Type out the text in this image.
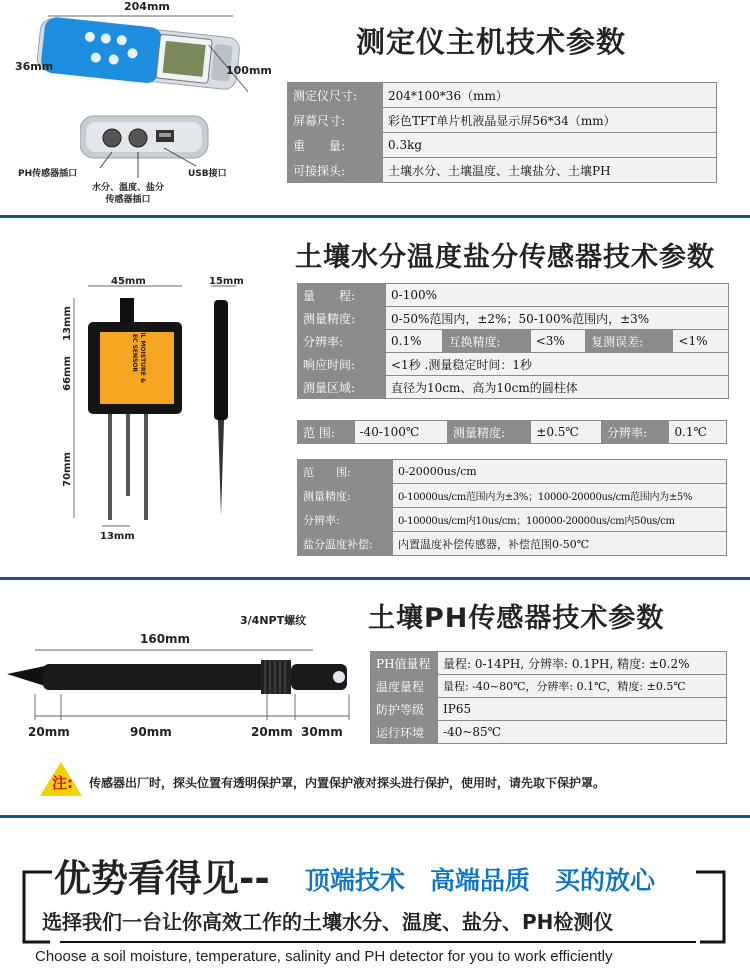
测定仪主机技术参数
204mm
36mm	100mm
PH传感器插口
水分、温度、盐分
传感器插口
USB接口
测定仪尺寸:	204*100*36（mm）
屏幕尺寸:	彩色TFT单片机液晶显示屏56*34（mm）
重　　量:	0.3kg
可接探头:	土壤水分、土壤温度、土壤盐分、土壤PH
土壤水分温度盐分传感器技术参数
SOIL MOISTURE & EC SENSOR
45mm	15mm
13mm
66mm
70mm
13mm
量　　程:	0-100%				
测量精度:	0-50%范围内，±2%；50-100%范围内，±3%				
分辨率:	0.1%	互换精度:	<3%	复测误差:	<1%
响应时间:	<1秒 .测量稳定时间：1秒				
测量区域:	直径为10cm、高为10cm的圆柱体				
范 围:	-40-100℃	测量精度:	±0.5℃	分辨率:	0.1℃
范　　围:	0-20000us/cm
测量精度:	0-10000us/cm范围内为±3%；10000-20000us/cm范围内为±5%
分辨率:	0-10000us/cm内10us/cm；100000-20000us/cm内50us/cm
盐分温度补偿:	内置温度补偿传感器，补偿范围0-50℃
土壤PH传感器技术参数
3/4NPT螺纹
160mm
20mm	90mm	20mm 30mm
PH值量程	量程: 0-14PH, 分辨率: 0.1PH, 精度: ±0.2%
温度量程	量程: -40~80℃，分辨率: 0.1℃，精度: ±0.5℃
防护等级	IP65
运行环境	-40~85℃
注: 传感器出厂时，探头位置有透明保护罩，内置保护液对探头进行保护，使用时，请先取下保护罩。
优势看得见-- 顶端技术　高端品质　买的放心
选择我们一台让你高效工作的土壤水分、温度、盐分、PH检测仪
Choose a soil moisture, temperature, salinity and PH detector for you to work efficiently
